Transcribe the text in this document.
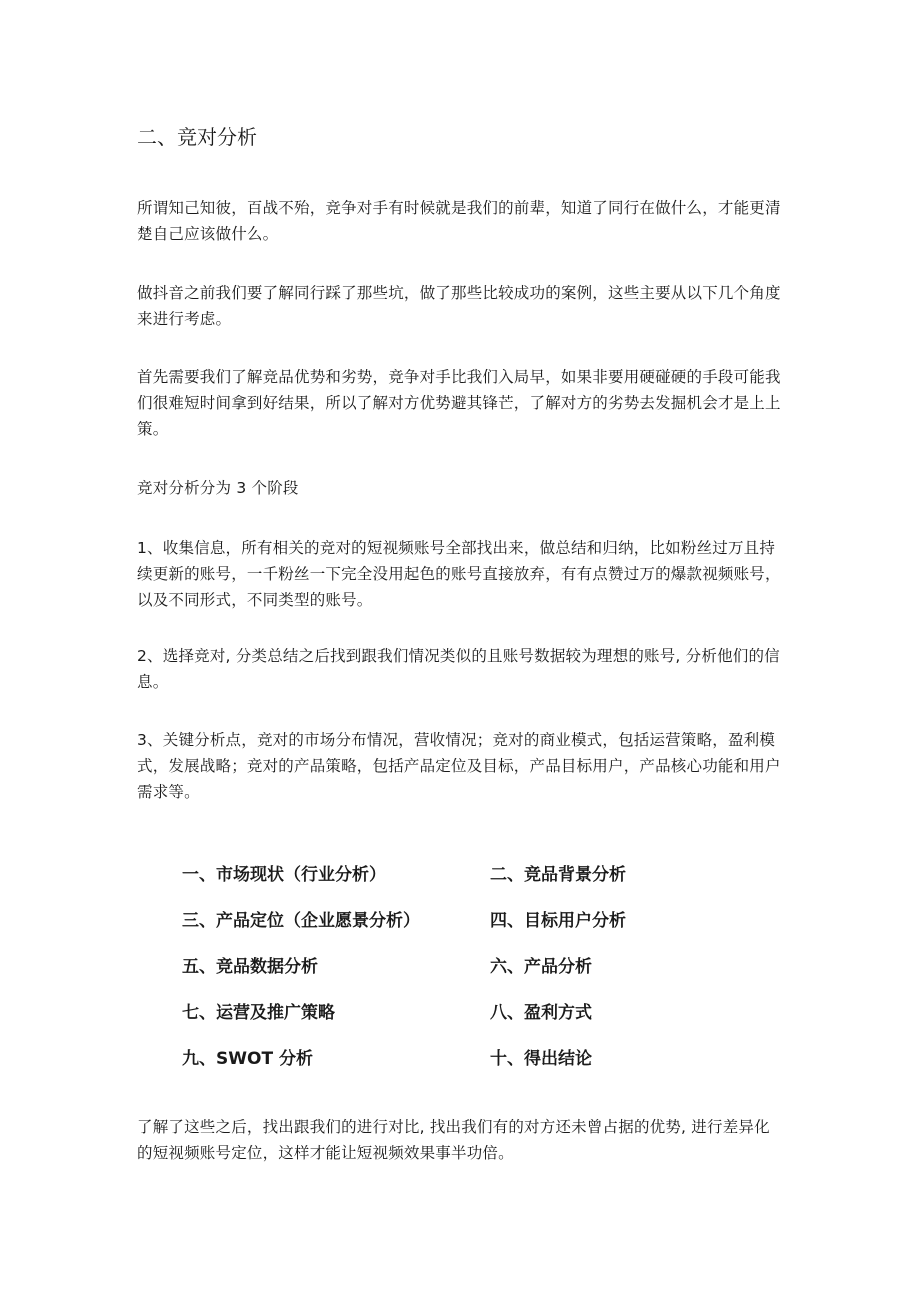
二、竞对分析

所谓知己知彼，百战不殆，竞争对手有时候就是我们的前辈，知道了同行在做什么，才能更清楚自己应该做什么。

做抖音之前我们要了解同行踩了那些坑，做了那些比较成功的案例，这些主要从以下几个角度来进行考虑。

首先需要我们了解竞品优势和劣势，竞争对手比我们入局早，如果非要用硬碰硬的手段可能我们很难短时间拿到好结果，所以了解对方优势避其锋芒，了解对方的劣势去发掘机会才是上上策。

竞对分析分为 3 个阶段

1、收集信息，所有相关的竞对的短视频账号全部找出来，做总结和归纳，比如粉丝过万且持续更新的账号，一千粉丝一下完全没用起色的账号直接放弃，有有点赞过万的爆款视频账号，以及不同形式，不同类型的账号。

2、选择竞对, 分类总结之后找到跟我们情况类似的且账号数据较为理想的账号, 分析他们的信息。

3、关键分析点，竞对的市场分布情况，营收情况；竞对的商业模式，包括运营策略，盈利模式，发展战略；竞对的产品策略，包括产品定位及目标，产品目标用户，产品核心功能和用户需求等。

一、市场现状（行业分析）	二、竞品背景分析
三、产品定位（企业愿景分析）	四、目标用户分析
五、竞品数据分析	六、产品分析
七、运营及推广策略	八、盈利方式
九、SWOT 分析	十、得出结论

了解了这些之后，找出跟我们的进行对比, 找出我们有的对方还未曾占据的优势, 进行差异化的短视频账号定位，这样才能让短视频效果事半功倍。
